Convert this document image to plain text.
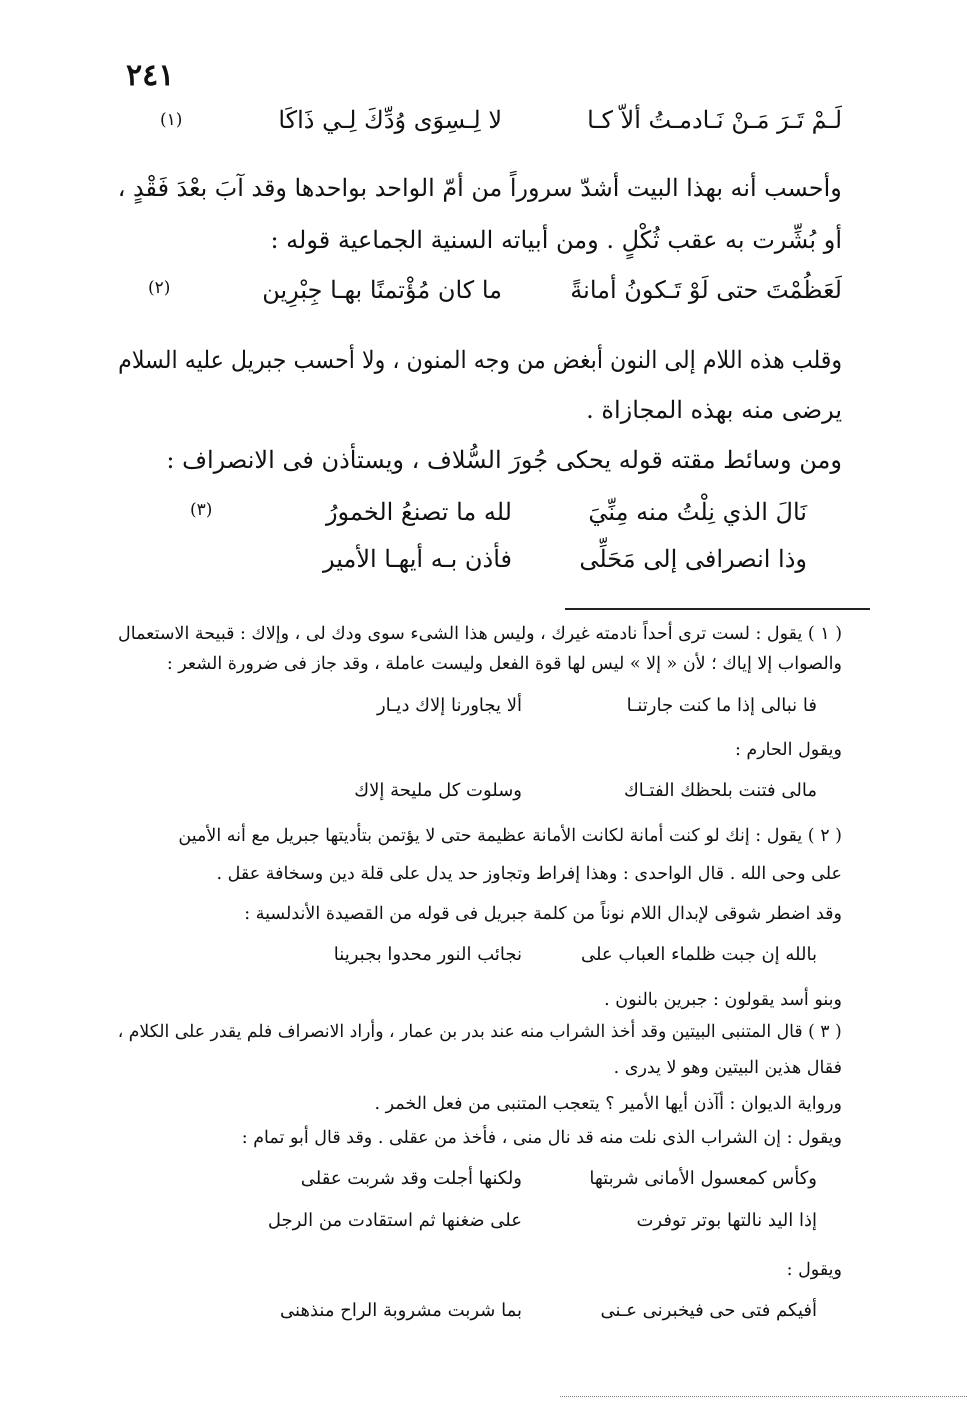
٢٤١
لَـمْ تَـرَ مَـنْ نَـادمـتُ ألاّ كـا
لا لِـسِوَى وُدِّكَ لِـي ذَاكَا
(١)
وأحسب أنه بهذا البيت أشدّ سروراً من أمّ الواحد بواحدها وقد آبَ بعْدَ فَقْدٍ ،
أو بُشِّرت به عقب ثُكْلٍ . ومن أبياته السنية الجماعية قوله :
لَعَظُمْتَ حتى لَوْ تَـكونُ أمانةً
ما كان مُؤْتمنًا بهـا جِبْرِين
(٢)
وقلب هذه اللام إلى النون أبغض من وجه المنون ، ولا أحسب جبريل عليه السلام
يرضى منه بهذه المجازاة .
ومن وسائط مقته قوله يحكى جُورَ السُّلاف ، ويستأذن فى الانصراف :
نَالَ الذي نِلْتُ منه مِنِّيَ
لله ما تصنعُ الخمورُ
(٣)
وذا انصرافى إلى مَحَلِّى
فأذن بـه أيهـا الأمير
( ١ ) يقول : لست ترى أحداً نادمته غيرك ، وليس هذا الشىء سوى ودك لى ، وإلاك : قبيحة الاستعمال
والصواب إلا إياك ؛ لأن « إلا » ليس لها قوة الفعل وليست عاملة ، وقد جاز فى ضرورة الشعر :
فا نبالى إذا ما كنت جارتنـا
ألا يجاورنا إلاك ديـار
ويقول الحارم :
مالى فتنت بلحظك الفتـاك
وسلوت كل مليحة إلاك
( ٢ ) يقول : إنك لو كنت أمانة لكانت الأمانة عظيمة حتى لا يؤتمن بتأديتها جبريل مع أنه الأمين
على وحى الله . قال الواحدى : وهذا إفراط وتجاوز حد يدل على قلة دين وسخافة عقل .
وقد اضطر شوقى لإبدال اللام نوناً من كلمة جبريل فى قوله من القصيدة الأندلسية :
بالله إن جبت ظلماء العباب على
نجائب النور محدوا بجبرينا
وبنو أسد يقولون : جبرين بالنون .
( ٣ ) قال المتنبى البيتين وقد أخذ الشراب منه عند بدر بن عمار ، وأراد الانصراف فلم يقدر على الكلام ،
فقال هذين البيتين وهو لا يدرى .
ورواية الديوان : أآذن أيها الأمير ؟ يتعجب المتنبى من فعل الخمر .
ويقول : إن الشراب الذى نلت منه قد نال منى ، فأخذ من عقلى . وقد قال أبو تمام :
وكأس كمعسول الأمانى شربتها
ولكنها أجلت وقد شربت عقلى
إذا اليد نالتها بوتر توفرت
على ضغنها ثم استقادت من الرجل
ويقول :
أفيكم فتى حى فيخبرنى عـنى
بما شربت مشروبة الراح منذهنى
